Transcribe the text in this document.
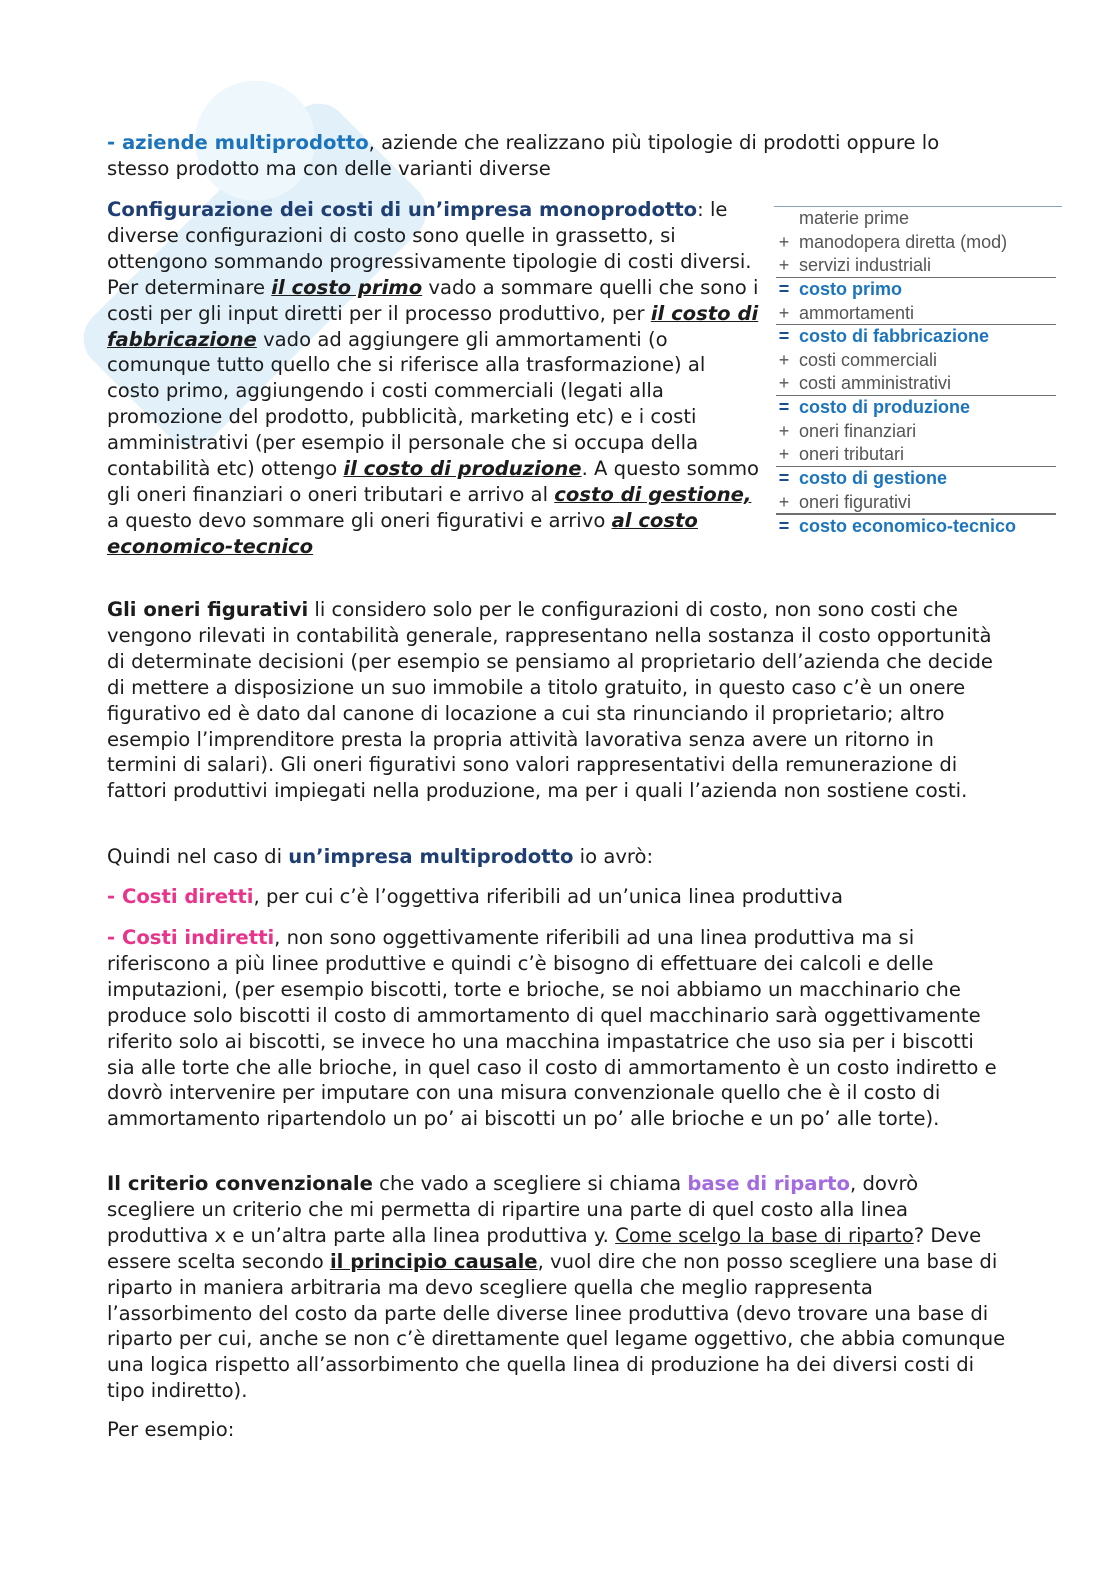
- aziende multiprodotto, aziende che realizzano più tipologie di prodotti oppure lo stesso prodotto ma con delle varianti diverse

Configurazione dei costi di un’impresa monoprodotto: le diverse configurazioni di costo sono quelle in grassetto, si ottengono sommando progressivamente tipologie di costi diversi. Per determinare il costo primo vado a sommare quelli che sono i costi per gli input diretti per il processo produttivo, per il costo di fabbricazione vado ad aggiungere gli ammortamenti (o comunque tutto quello che si riferisce alla trasformazione) al costo primo, aggiungendo i costi commerciali (legati alla promozione del prodotto, pubblicità, marketing etc) e i costi amministrativi (per esempio il personale che si occupa della contabilità etc) ottengo il costo di produzione. A questo sommo gli oneri finanziari o oneri tributari e arrivo al costo di gestione, a questo devo sommare gli oneri figurativi e arrivo al costo economico-tecnico

materie prime
+ manodopera diretta (mod)
+ servizi industriali
= costo primo
+ ammortamenti
= costo di fabbricazione
+ costi commerciali
+ costi amministrativi
= costo di produzione
+ oneri finanziari
+ oneri tributari
= costo di gestione
+ oneri figurativi
= costo economico-tecnico

Gli oneri figurativi li considero solo per le configurazioni di costo, non sono costi che vengono rilevati in contabilità generale, rappresentano nella sostanza il costo opportunità di determinate decisioni (per esempio se pensiamo al proprietario dell’azienda che decide di mettere a disposizione un suo immobile a titolo gratuito, in questo caso c’è un onere figurativo ed è dato dal canone di locazione a cui sta rinunciando il proprietario; altro esempio l’imprenditore presta la propria attività lavorativa senza avere un ritorno in termini di salari). Gli oneri figurativi sono valori rappresentativi della remunerazione di fattori produttivi impiegati nella produzione, ma per i quali l’azienda non sostiene costi.

Quindi nel caso di un’impresa multiprodotto io avrò:

- Costi diretti, per cui c’è l’oggettiva riferibili ad un’unica linea produttiva

- Costi indiretti, non sono oggettivamente riferibili ad una linea produttiva ma si riferiscono a più linee produttive e quindi c’è bisogno di effettuare dei calcoli e delle imputazioni, (per esempio biscotti, torte e brioche, se noi abbiamo un macchinario che produce solo biscotti il costo di ammortamento di quel macchinario sarà oggettivamente riferito solo ai biscotti, se invece ho una macchina impastatrice che uso sia per i biscotti sia alle torte che alle brioche, in quel caso il costo di ammortamento è un costo indiretto e dovrò intervenire per imputare con una misura convenzionale quello che è il costo di ammortamento ripartendolo un po’ ai biscotti un po’ alle brioche e un po’ alle torte).

Il criterio convenzionale che vado a scegliere si chiama base di riparto, dovrò scegliere un criterio che mi permetta di ripartire una parte di quel costo alla linea produttiva x e un’altra parte alla linea produttiva y. Come scelgo la base di riparto? Deve essere scelta secondo il principio causale, vuol dire che non posso scegliere una base di riparto in maniera arbitraria ma devo scegliere quella che meglio rappresenta l’assorbimento del costo da parte delle diverse linee produttiva (devo trovare una base di riparto per cui, anche se non c’è direttamente quel legame oggettivo, che abbia comunque una logica rispetto all’assorbimento che quella linea di produzione ha dei diversi costi di tipo indiretto).

Per esempio:
